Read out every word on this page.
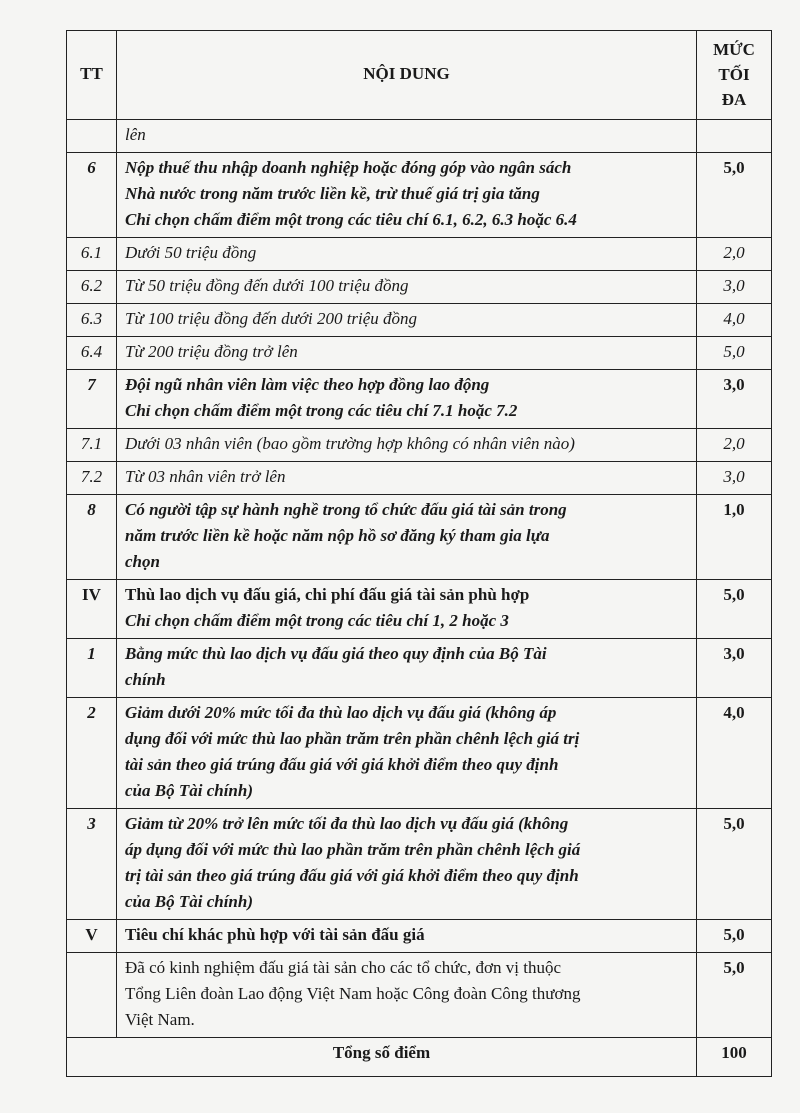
TT	NỘI DUNG	MỨC
TỐI
ĐA

	lên	

6	Nộp thuế thu nhập doanh nghiệp hoặc đóng góp vào ngân sách
Nhà nước trong năm trước liền kề, trừ thuế giá trị gia tăng
Chỉ chọn chấm điểm một trong các tiêu chí 6.1, 6.2, 6.3 hoặc 6.4	5,0
6.1	Dưới 50 triệu đồng	2,0
6.2	Từ 50 triệu đồng đến dưới 100 triệu đồng	3,0
6.3	Từ 100 triệu đồng đến dưới 200 triệu đồng	4,0
6.4	Từ 200 triệu đồng trở lên	5,0
7	Đội ngũ nhân viên làm việc theo hợp đồng lao động
Chỉ chọn chấm điểm một trong các tiêu chí 7.1 hoặc 7.2	3,0
7.1	Dưới 03 nhân viên (bao gồm trường hợp không có nhân viên nào)	2,0
7.2	Từ 03 nhân viên trở lên	3,0
8	Có người tập sự hành nghề trong tổ chức đấu giá tài sản trong
năm trước liền kề hoặc năm nộp hồ sơ đăng ký tham gia lựa
chọn	1,0
IV	Thù lao dịch vụ đấu giá, chi phí đấu giá tài sản phù hợp
Chỉ chọn chấm điểm một trong các tiêu chí 1, 2 hoặc 3	5,0
1	Bằng mức thù lao dịch vụ đấu giá theo quy định của Bộ Tài
chính	3,0
2	Giảm dưới 20% mức tối đa thù lao dịch vụ đấu giá (không áp
dụng đối với mức thù lao phần trăm trên phần chênh lệch giá trị
tài sản theo giá trúng đấu giá với giá khởi điểm theo quy định
của Bộ Tài chính)	4,0
3	Giảm từ 20% trở lên mức tối đa thù lao dịch vụ đấu giá (không
áp dụng đối với mức thù lao phần trăm trên phần chênh lệch giá
trị tài sản theo giá trúng đấu giá với giá khởi điểm theo quy định
của Bộ Tài chính)	5,0
V	Tiêu chí khác phù hợp với tài sản đấu giá	5,0

	Đã có kinh nghiệm đấu giá tài sản cho các tổ chức, đơn vị thuộc
Tổng Liên đoàn Lao động Việt Nam hoặc Công đoàn Công thương
Việt Nam.	5,0
Tổng số điểm		100
